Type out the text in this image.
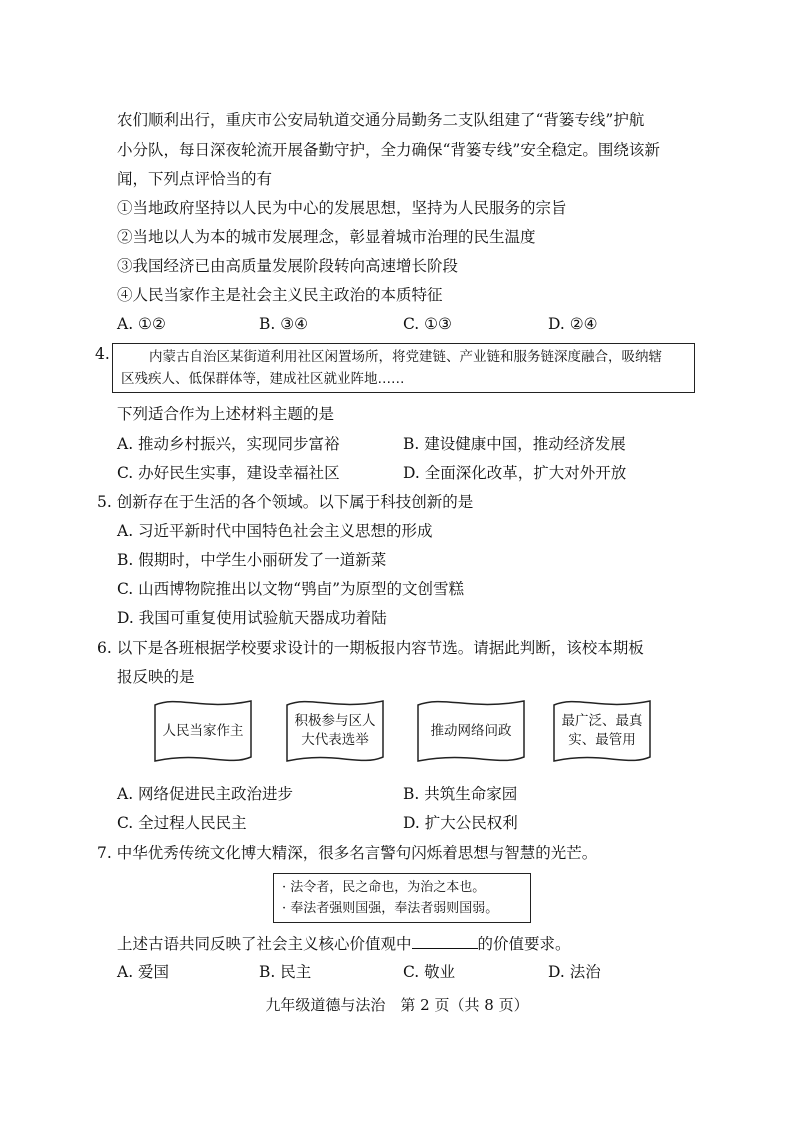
农们顺利出行，重庆市公安局轨道交通分局勤务二支队组建了“背篓专线”护航
小分队，每日深夜轮流开展备勤守护，全力确保“背篓专线”安全稳定。围绕该新
闻，下列点评恰当的有
①当地政府坚持以人民为中心的发展思想，坚持为人民服务的宗旨
②当地以人为本的城市发展理念，彰显着城市治理的民生温度
③我国经济已由高质量发展阶段转向高速增长阶段
④人民当家作主是社会主义民主政治的本质特征
A. ①②	B. ③④	C. ①③	D. ②④
4.	内蒙古自治区某街道利用社区闲置场所，将党建链、产业链和服务链深度融合，吸纳辖
区残疾人、低保群体等，建成社区就业阵地……
下列适合作为上述材料主题的是
A. 推动乡村振兴，实现同步富裕	B. 建设健康中国，推动经济发展
C. 办好民生实事，建设幸福社区	D. 全面深化改革，扩大对外开放
5. 创新存在于生活的各个领域。以下属于科技创新的是
A. 习近平新时代中国特色社会主义思想的形成
B. 假期时，中学生小丽研发了一道新菜
C. 山西博物院推出以文物“鸮卣”为原型的文创雪糕
D. 我国可重复使用试验航天器成功着陆
6. 以下是各班根据学校要求设计的一期板报内容节选。请据此判断，该校本期板
报反映的是
人民当家作主
积极参与区人
大代表选举
推动网络问政
最广泛、最真
实、最管用
A. 网络促进民主政治进步	B. 共筑生命家园
C. 全过程人民民主	D. 扩大公民权利
7. 中华优秀传统文化博大精深，很多名言警句闪烁着思想与智慧的光芒。
· 法令者，民之命也，为治之本也。
· 奉法者强则国强，奉法者弱则国弱。
上述古语共同反映了社会主义核心价值观中	的价值要求。
A. 爱国	B. 民主	C. 敬业	D. 法治
九年级道德与法治　第 2 页（共 8 页）
